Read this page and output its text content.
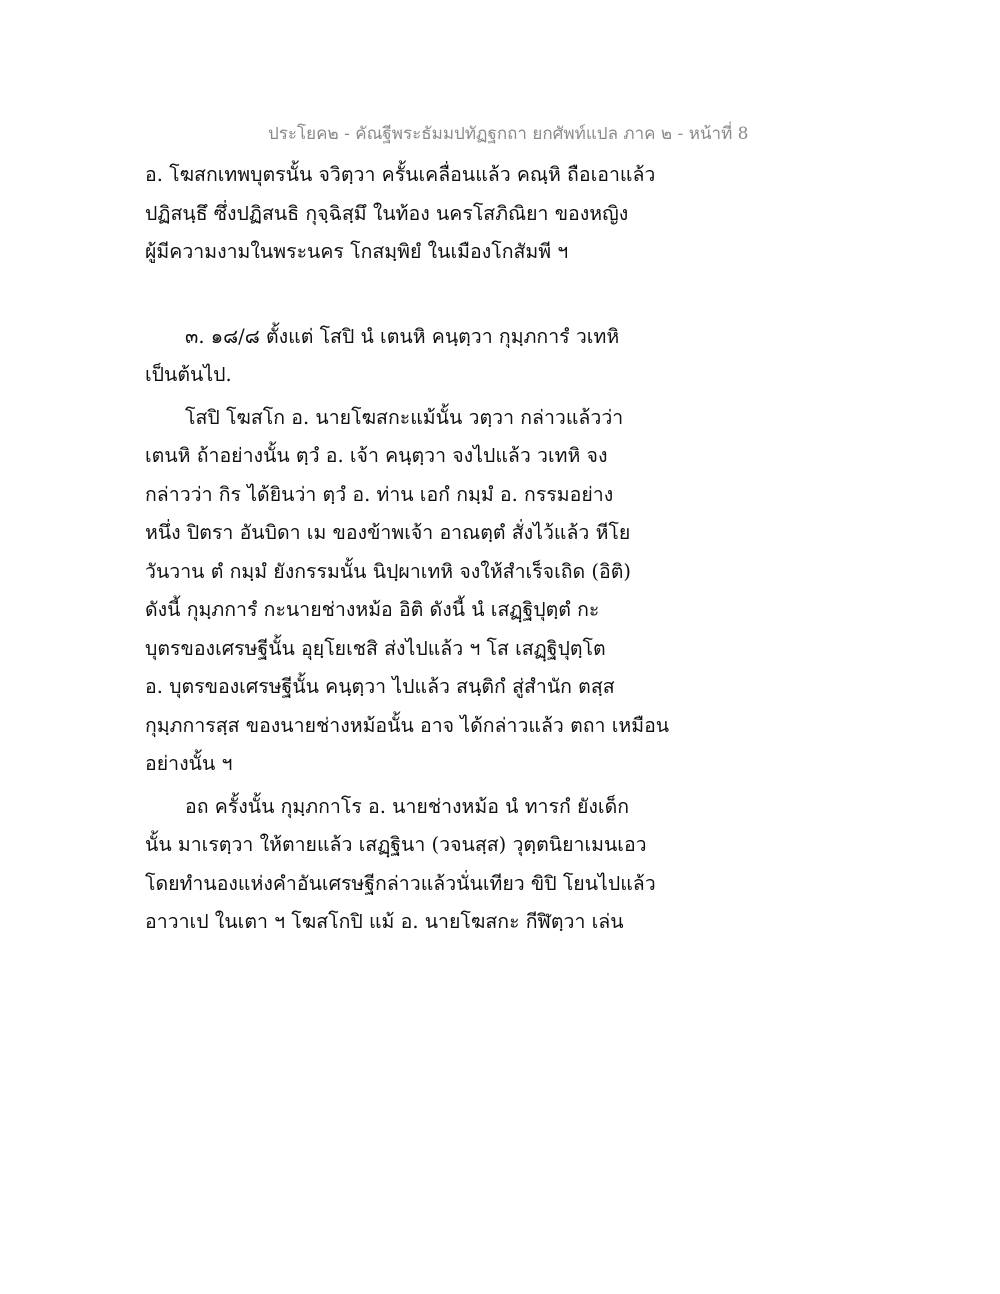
ประโยค๒ - คัณฐีพระธัมมปทัฏฐกถา ยกศัพท์แปล ภาค ๒ - หน้าที่ 8
อ. โฆสกเทพบุตรนั้น จวิตฺวา ครั้นเคลื่อนแล้ว คณฺหิ ถือเอาแล้ว
ปฏิสนฺธึ ซึ่งปฏิสนธิ กุจฺฉิสฺมึ ในท้อง นครโสภิณิยา ของหญิง
ผู้มีความงามในพระนคร โกสมฺพิยํ ในเมืองโกสัมพี ฯ
๓. ๑๘/๘ ตั้งแต่ โสปิ นํ เตนหิ คนฺตฺวา กุมฺภการํ วเทหิ
เป็นต้นไป.
โสปิ โฆสโก อ. นายโฆสกะแม้นั้น วตฺวา กล่าวแล้วว่า
เตนหิ ถ้าอย่างนั้น ตฺวํ อ. เจ้า คนฺตฺวา จงไปแล้ว วเทหิ จง
กล่าวว่า กิร ได้ยินว่า ตฺวํ อ. ท่าน เอกํ กมฺมํ อ. กรรมอย่าง
หนึ่ง ปิตรา อันบิดา เม ของข้าพเจ้า อาณตฺตํ สั่งไว้แล้ว หีโย
วันวาน ตํ กมฺมํ ยังกรรมนั้น นิปฺผาเทหิ จงให้สำเร็จเถิด (อิติ)
ดังนี้ กุมฺภการํ กะนายช่างหม้อ อิติ ดังนี้ นํ เสฏฺฐิปุตฺตํ กะ
บุตรของเศรษฐีนั้น อุยฺโยเชสิ ส่งไปแล้ว ฯ โส เสฏฺฐิปุตฺโต
อ. บุตรของเศรษฐีนั้น คนฺตฺวา ไปแล้ว สนฺติกํ สู่สำนัก ตสฺส
กุมฺภการสฺส ของนายช่างหม้อนั้น อาจ ได้กล่าวแล้ว ตถา เหมือน
อย่างนั้น ฯ
อถ ครั้งนั้น กุมฺภกาโร อ. นายช่างหม้อ นํ ทารกํ ยังเด็ก
นั้น มาเรตฺวา ให้ตายแล้ว เสฏฺฐินา (วจนสฺส) วุตฺตนิยาเมนเอว
โดยทำนองแห่งคำอันเศรษฐีกล่าวแล้วนั่นเทียว ขิปิ โยนไปแล้ว
อาวาเป ในเตา ฯ โฆสโกปิ แม้ อ. นายโฆสกะ กีฬิตฺวา เล่น
